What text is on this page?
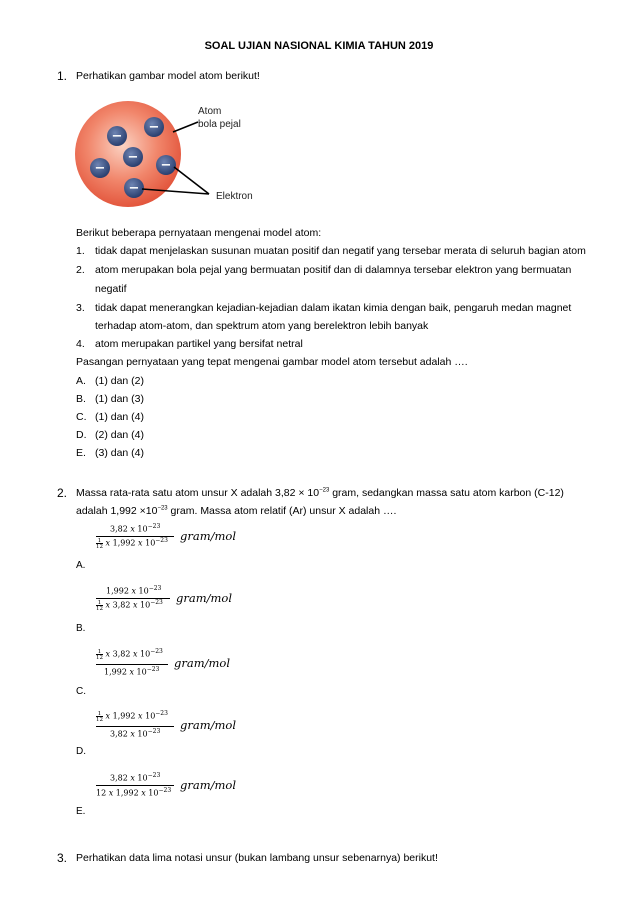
SOAL UJIAN NASIONAL KIMIA TAHUN 2019
1. Perhatikan gambar model atom berikut!
−
−
−
−	−
−
Atom
bola pejal
Elektron
Berikut beberapa pernyataan mengenai model atom:
1. tidak dapat menjelaskan susunan muatan positif dan negatif yang tersebar merata di seluruh bagian atom
2. atom merupakan bola pejal yang bermuatan positif dan di dalamnya tersebar elektron yang bermuatan
negatif
3. tidak dapat menerangkan kejadian-kejadian dalam ikatan kimia dengan baik, pengaruh medan magnet
terhadap atom-atom, dan spektrum atom yang berelektron lebih banyak
4. atom merupakan partikel yang bersifat netral
Pasangan pernyataan yang tepat mengenai gambar model atom tersebut adalah ….
A. (1) dan (2)
B. (1) dan (3)
C. (1) dan (4)
D. (2) dan (4)
E. (3) dan (4)
2. Massa rata-rata satu atom unsur X adalah $3,82 \times 10^{-23}$ gram, sedangkan massa satu atom karbon (C-12)
adalah $1,992 \times 10^{-23}$ gram. Massa atom relatif (Ar) unsur X adalah ….
3,82 𝑥 $10^{-23}$
$\frac{1}{12}$ 𝑥 1,992 𝑥 $10^{-23}$ gram/mol
A.
1,992 𝑥 $10^{-23}$
$\frac{1}{12}$ 𝑥 3,82 𝑥 $10^{-23}$ gram/mol
B.
$\frac{1}{12}$ 𝑥 3,82 𝑥 $10^{-23}$
1,992 𝑥 $10^{-23}$ gram/mol
C.
$\frac{1}{12}$ 𝑥 1,992 𝑥 $10^{-23}$
3,82 𝑥 $10^{-23}$ gram/mol
D.
3,82 𝑥 $10^{-23}$
12 𝑥 1,992 𝑥 $10^{-23}$ gram/mol
E.
3. Perhatikan data lima notasi unsur (bukan lambang unsur sebenarnya) berikut!
